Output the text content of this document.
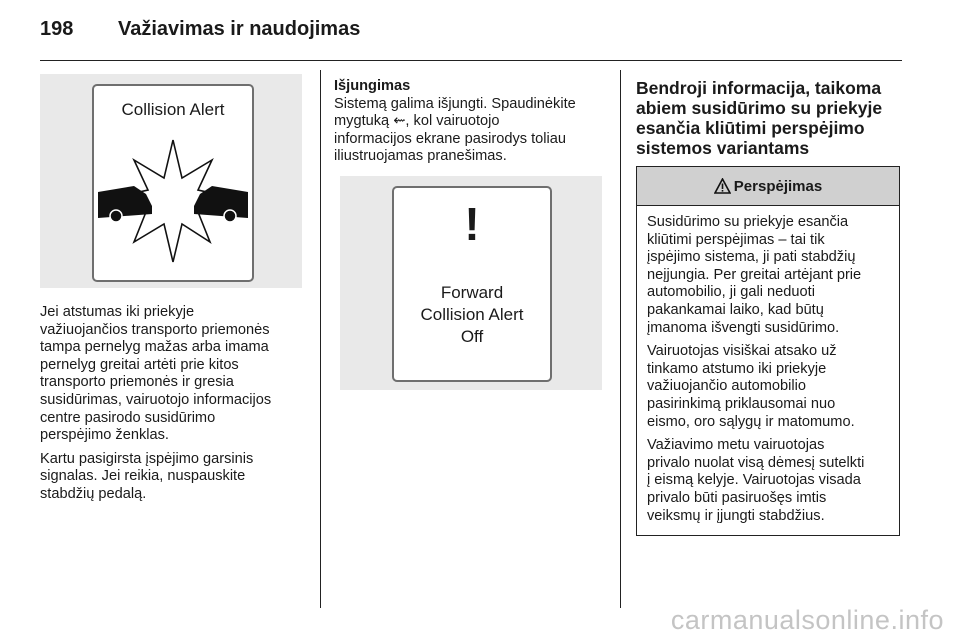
198 Važiavimas ir naudojimas
Collision Alert

Jei atstumas iki priekyje
važiuojančios transporto priemonės
tampa pernelyg mažas arba imama
pernelyg greitai artėti prie kitos
transporto priemonės ir gresia
susidūrimas, vairuotojo informacijos
centre pasirodo susidūrimo
perspėjimo ženklas.

Kartu pasigirsta įspėjimo garsinis
signalas. Jei reikia, nuspauskite
stabdžių pedalą.

Išjungimas

Sistemą galima išjungti. Spaudinėkite
mygtuką ⇜, kol vairuotojo
informacijos ekrane pasirodys toliau
iliustruojamas pranešimas.

!
Forward
Collision Alert
Off

Bendroji informacija, taikoma
abiem susidūrimo su priekyje
esančia kliūtimi perspėjimo
sistemos variantams

Perspėjimas

Susidūrimo su priekyje esančia
kliūtimi perspėjimas – tai tik
įspėjimo sistema, ji pati stabdžių
neįjungia. Per greitai artėjant prie
automobilio, ji gali neduoti
pakankamai laiko, kad būtų
įmanoma išvengti susidūrimo.

Vairuotojas visiškai atsako už
tinkamo atstumo iki priekyje
važiuojančio automobilio
pasirinkimą priklausomai nuo
eismo, oro sąlygų ir matomumo.

Važiavimo metu vairuotojas
privalo nuolat visą dėmesį sutelkti
į eismą kelyje. Vairuotojas visada
privalo būti pasiruošęs imtis
veiksmų ir įjungti stabdžius.

carmanualsonline.info
